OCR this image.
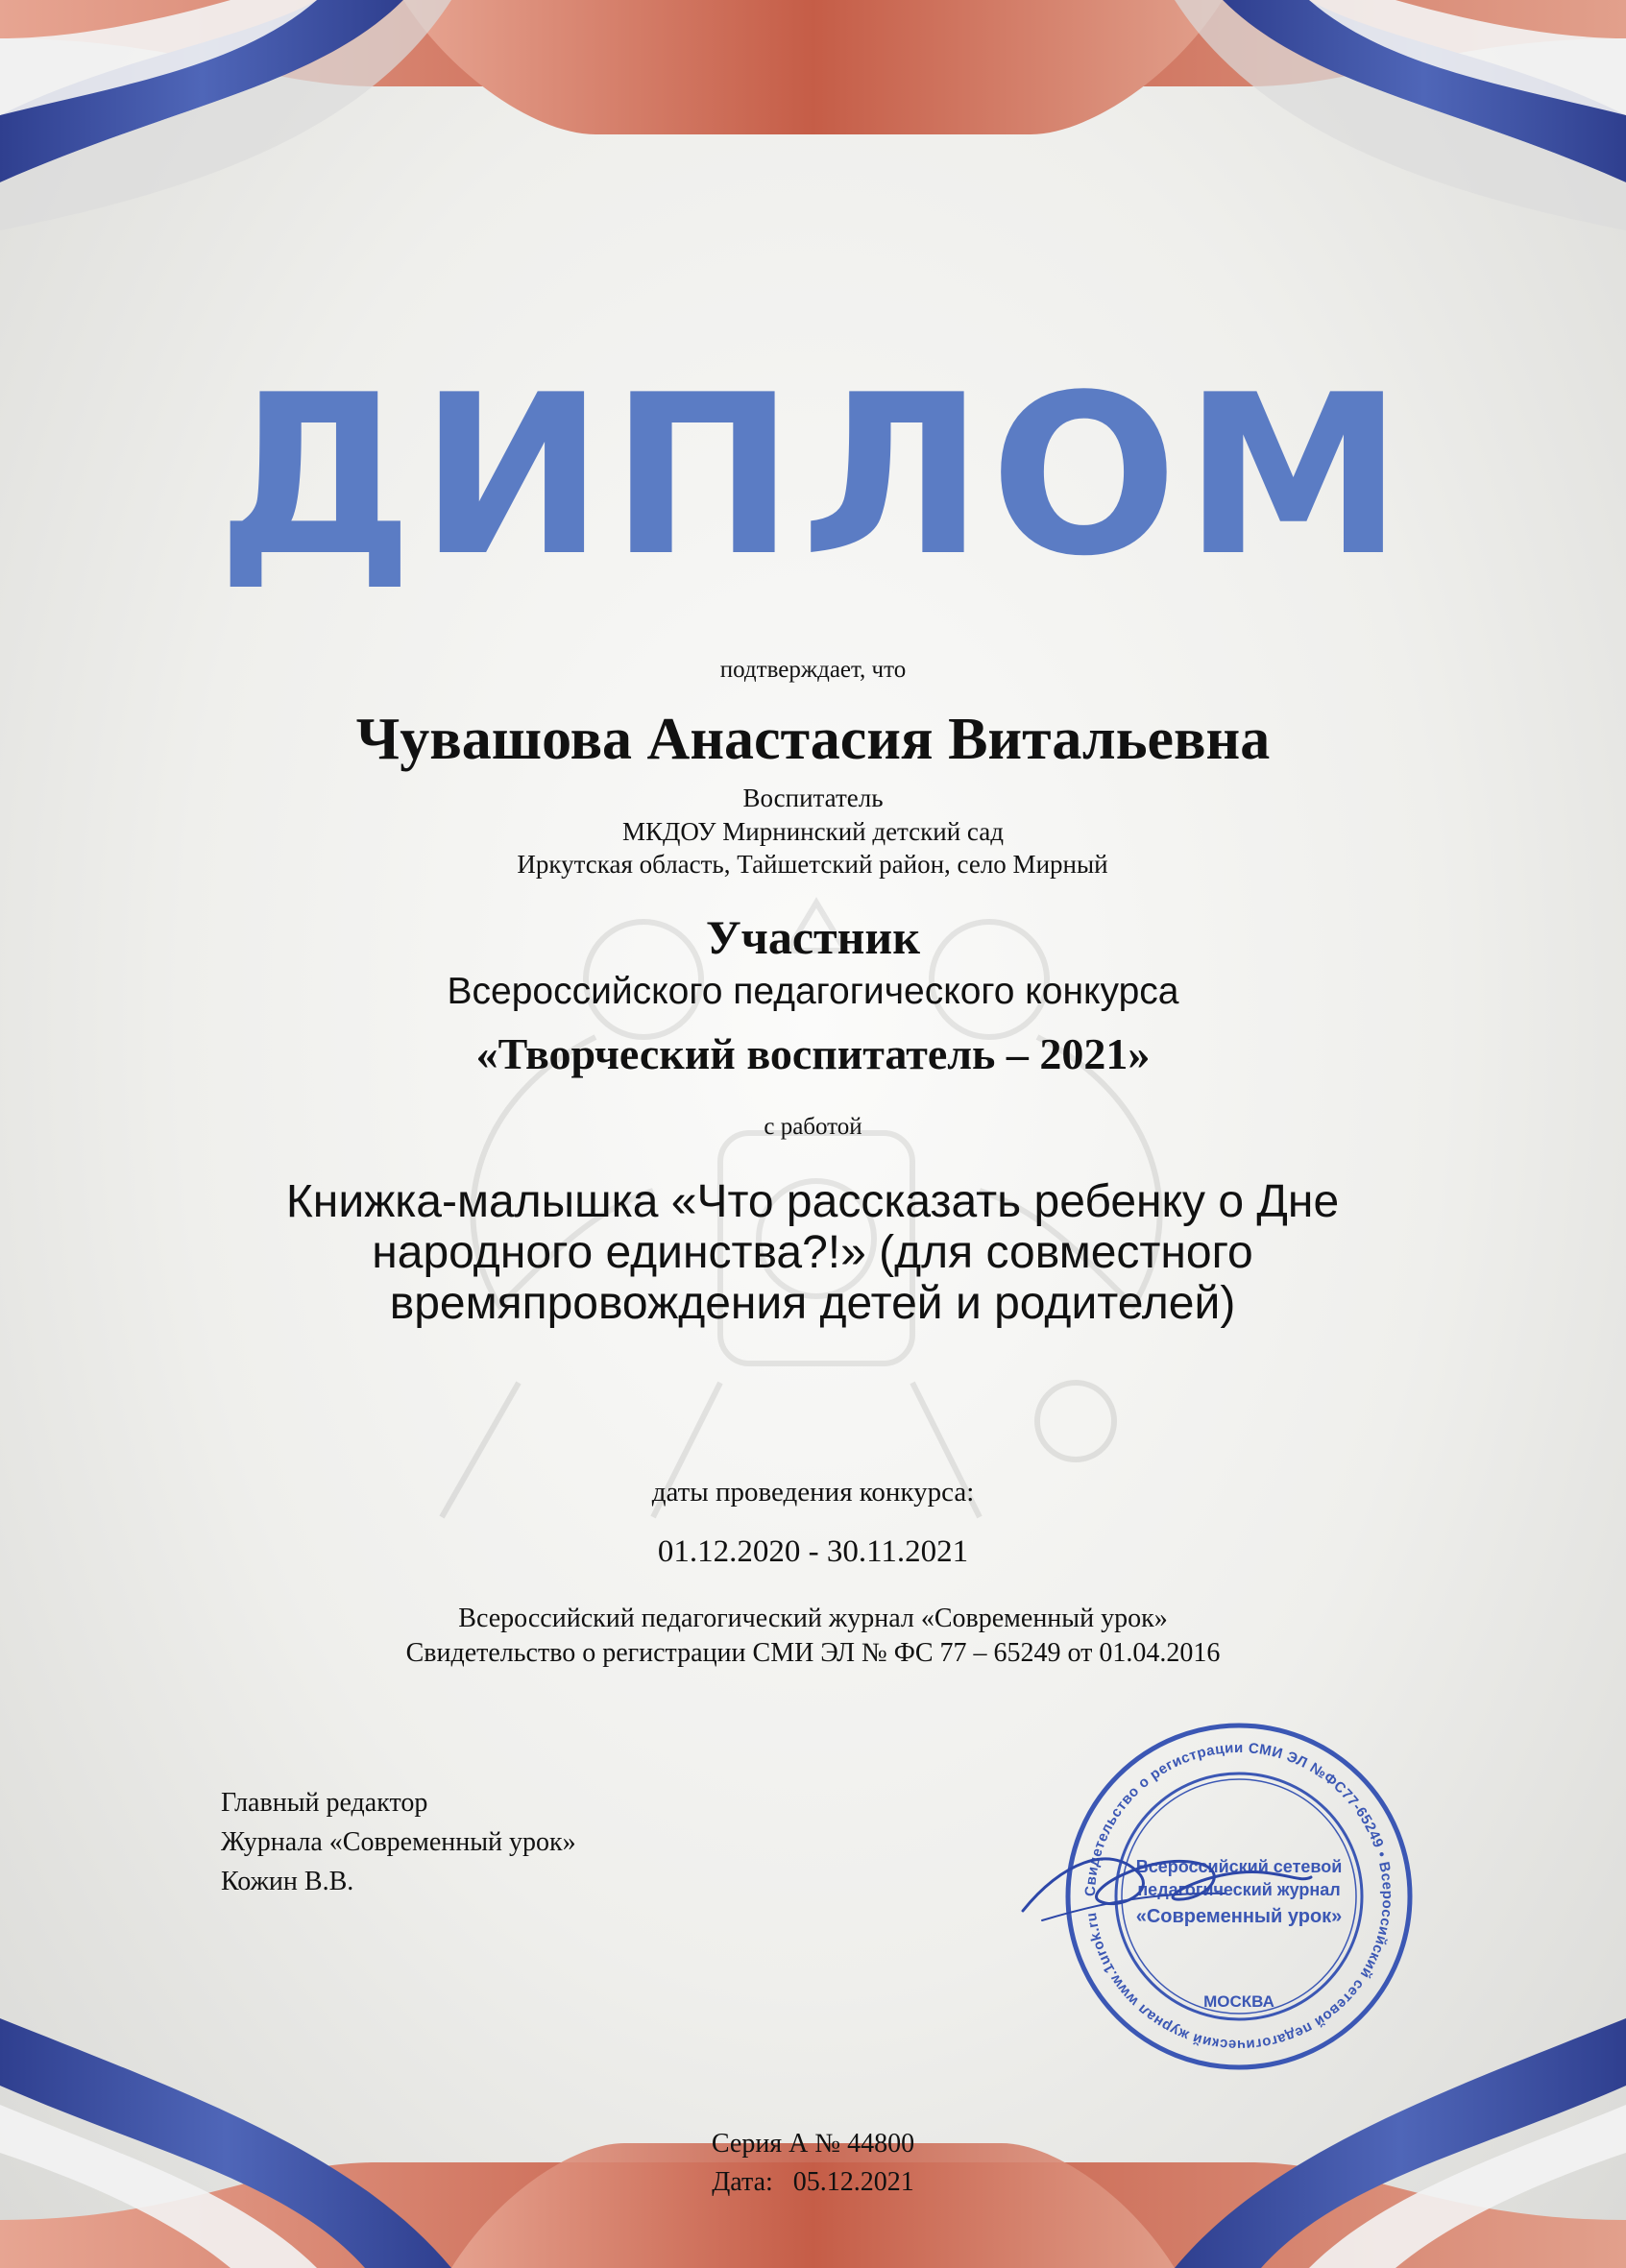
ДИПЛОМ
подтверждает, что
Чувашова Анастасия Витальевна
Воспитатель
МКДОУ Мирнинский детский сад
Иркутская область, Тайшетский район, село Мирный
Участник
Всероссийского педагогического конкурса
«Творческий воспитатель – 2021»
с работой
Книжка-малышка «Что рассказать ребенку о Дне народного единства?!» (для совместного времяпровождения детей и родителей)
даты проведения конкурса:
01.12.2020 - 30.11.2021
Всероссийский педагогический журнал «Современный урок»
Свидетельство о регистрации СМИ ЭЛ № ФС 77 – 65249 от 01.04.2016
Главный редактор
Журнала «Современный урок»
Кожин В.В.	Свидетельство о регистрации СМИ ЭЛ №ФС77-65249 • Всероссийский сетевой педагогический журнал www.1urok.ru
Всероссийский сетевой
педагогический журнал
«Современный урок»
МОСКВА
Серия А № 44800
Дата:   05.12.2021
